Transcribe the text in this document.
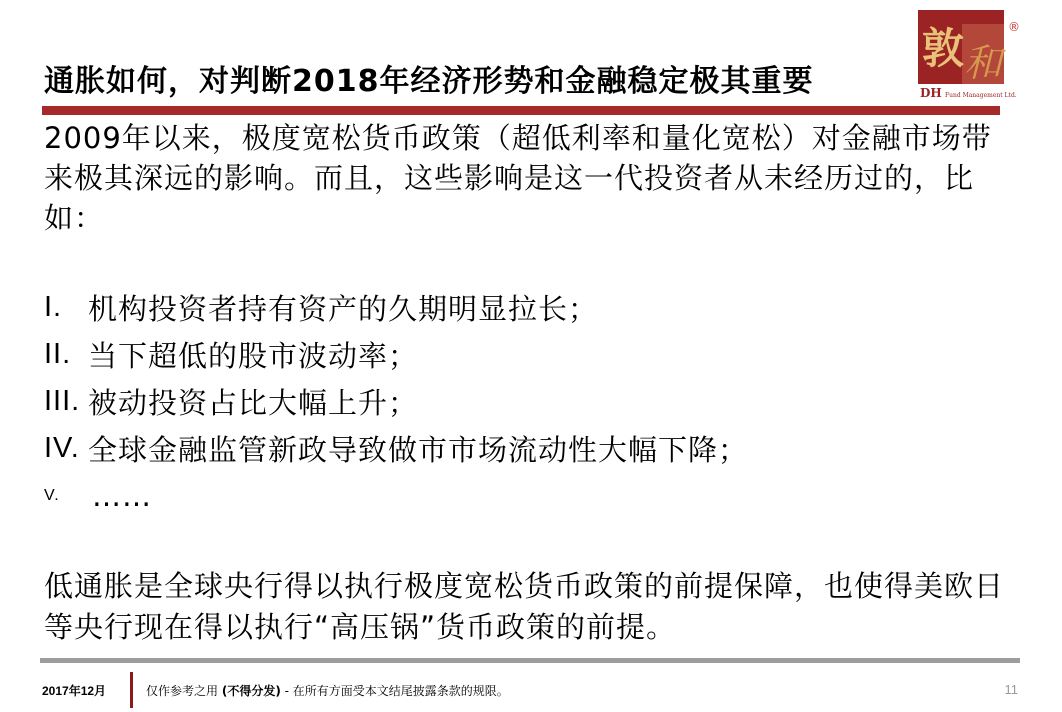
通胀如何，对判断2018年经济形势和金融稳定极其重要
敦 和
®
DH Fund Management Ltd.
2009年以来，极度宽松货币政策（超低利率和量化宽松）对金融市场带来极其深远的影响。而且，这些影响是这一代投资者从未经历过的，比如：
I. 机构投资者持有资产的久期明显拉长；
II. 当下超低的股市波动率；
III. 被动投资占比大幅上升；
IV. 全球金融监管新政导致做市市场流动性大幅下降；
V.	……
低通胀是全球央行得以执行极度宽松货币政策的前提保障，也使得美欧日等央行现在得以执行“高压锅”货币政策的前提。
2017年12月	仅作参考之用 (不得分发) - 在所有方面受本文结尾披露条款的规限。	11
